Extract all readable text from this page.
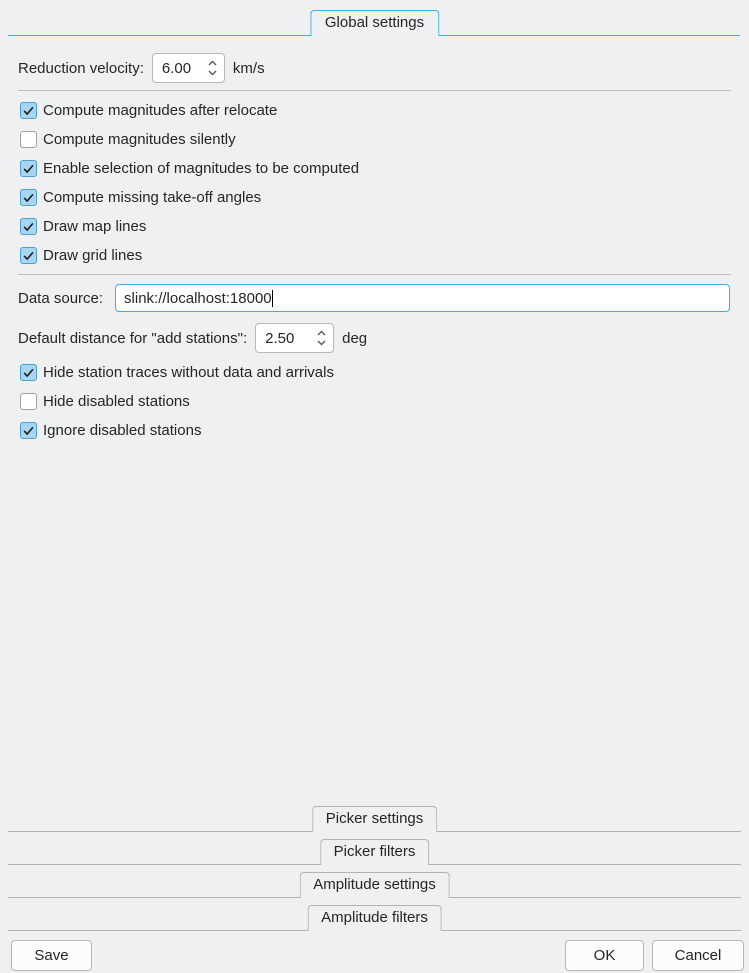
Global settings
Reduction velocity: 6.00	km/s
Compute magnitudes after relocate
Compute magnitudes silently
Enable selection of magnitudes to be computed
Compute missing take-off angles
Draw map lines
Draw grid lines
Data source: slink://localhost:18000
Default distance for "add stations": 2.50	deg
Hide station traces without data and arrivals
Hide disabled stations
Ignore disabled stations
Picker settings
Picker filters
Amplitude settings
Amplitude filters
Save	OK	Cancel
